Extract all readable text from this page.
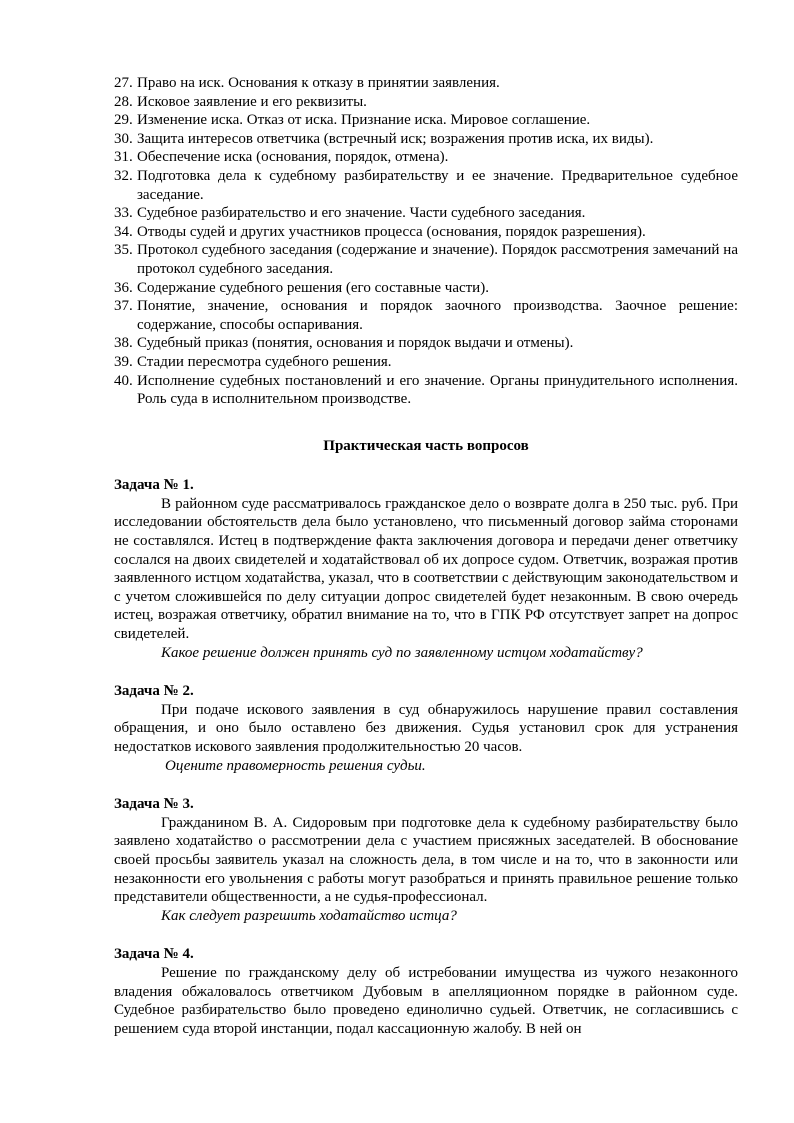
27. Право на иск. Основания к отказу в принятии заявления.
28. Исковое заявление и его реквизиты.
29. Изменение иска. Отказ от иска. Признание иска. Мировое соглашение.
30. Защита интересов ответчика (встречный иск; возражения против иска, их виды).
31. Обеспечение иска (основания, порядок, отмена).
32. Подготовка дела к судебному разбирательству и ее значение. Предварительное судебное заседание.
33. Судебное разбирательство и его значение. Части судебного заседания.
34. Отводы судей и других участников процесса (основания, порядок разрешения).
35. Протокол судебного заседания (содержание и значение). Порядок рассмотрения замечаний на протокол судебного заседания.
36. Содержание судебного решения (его составные части).
37. Понятие, значение, основания и порядок заочного производства. Заочное решение: содержание, способы оспаривания.
38. Судебный приказ (понятия, основания и порядок выдачи и отмены).
39. Стадии пересмотра судебного решения.
40. Исполнение судебных постановлений и его значение. Органы принудительного исполнения. Роль суда в исполнительном производстве.
Практическая часть вопросов

Задача № 1.

В районном суде рассматривалось гражданское дело о возврате долга в 250 тыс. руб. При исследовании обстоятельств дела было установлено, что письменный договор займа сторонами не составлялся. Истец в подтверждение факта заключения договора и передачи денег ответчику сослался на двоих свидетелей и ходатайствовал об их допросе судом. Ответчик, возражая против заявленного истцом ходатайства, указал, что в соответствии с действующим законодательством и с учетом сложившейся по делу ситуации допрос свидетелей будет незаконным. В свою очередь истец, возражая ответчику, обратил внимание на то, что в ГПК РФ отсутствует запрет на допрос свидетелей.

Какое решение должен принять суд по заявленному истцом ходатайству?

Задача № 2.

При подаче искового заявления в суд обнаружилось нарушение правил составления обращения, и оно было оставлено без движения. Судья установил срок для устранения недостатков искового заявления продолжительностью 20 часов.

Оцените правомерность решения судьи.

Задача № 3.

Гражданином В. А. Сидоровым при подготовке дела к судебному разбирательству было заявлено ходатайство о рассмотрении дела с участием присяжных заседателей. В обоснование своей просьбы заявитель указал на сложность дела, в том числе и на то, что в законности или незаконности его увольнения с работы могут разобраться и принять правильное решение только представители общественности, а не судья-профессионал.

Как следует разрешить ходатайство истца?

Задача № 4.

Решение по гражданскому делу об истребовании имущества из чужого незаконного владения обжаловалось ответчиком Дубовым в апелляционном порядке в районном суде. Судебное разбирательство было проведено единолично судьей. Ответчик, не согласившись с решением суда второй инстанции, подал кассационную жалобу. В ней он
